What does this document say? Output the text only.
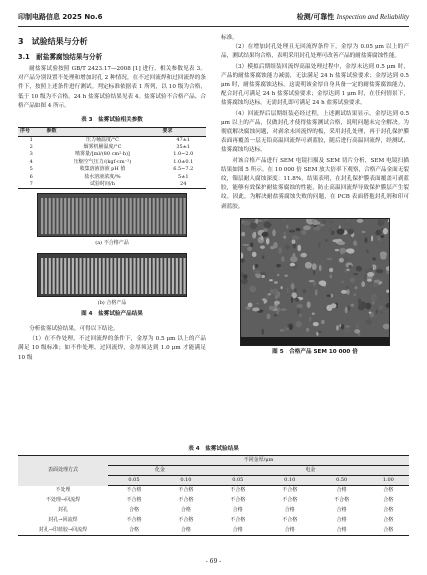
印制电路信息 2025 No.6	检测/可靠性 Inspection and Reliability
3　试验结果与分析
3.1　耐盐雾腐蚀结果与分析

耐盐雾试验按照 GB/T 2423.17—2008 [1] 进行，相关参数见表 3。对产品分别设置不处理和增加封孔 2 种情况，在不过回流焊和过回流焊的条件下，按照上述条件进行测试。判定标准依据表 1 所列，以 10 级为合格，低于 10 级为不合格。24 h 盐雾试验结果见表 4。盐雾试验不合格产品、合格产品如图 4 所示。

表 3　盐雾试验相关参数
序号	参数	要求
1	压力桶温度/°C	47±1
2	烟雾机桶温度/°C	35±1
3	喷雾量/[ml/(80 cm²·h)]	1.0~2.0
4	压缩空气压力/(kgf·cm⁻²)	1.0±0.1
5	收集溶液溶液 pH 值	6.5~7.2
6	盐水溶液浓度/%	5±1
7	试验时间/h	24
(a) 不合格产品
(b) 合格产品
图 4　盐雾试验产品结果

分析盐雾试验结果，可得以下结论。

（1）在不作处理、不过回流焊的条件下，金厚为 0.5 μm 以上的产品满足 10 级标准；如不作处理、过回流焊，金厚须达到 1.0 μm 才能满足 10 级

标准。

（2）在增加封孔处理且无回流焊条件下，金厚为 0.05 μm 以上的产品，测试结果均合格，表明采用封孔处理可改善产品的耐盐雾腐蚀性能。

（3）模拟后期组装回流焊高温处理过程中，金厚未达到 0.5 μm 时，产品的耐盐雾腐蚀能力减弱，无法满足 24 h 盐雾试验要求；金厚达到 0.5 μm 时，耐盐雾腐蚀达标。这说明该金厚自身具备一定的耐盐雾腐蚀能力，配合封孔可满足 24 h 盐雾试验要求；金厚达到 1 μm 时，在任何情景下，盐雾腐蚀均达标，无需封孔即可满足 24 h 盐雾试验要求。

（4）回流焊后层期组装必经过程，上述测试结果显示，金厚达到 0.5 μm 以上的产品，仅做封孔才使得盐雾测试合格，说明问题未完全解决。为彻底解决腐蚀问题，对剥余未回流焊的板，采用封孔处理，再于封孔保护膜表面再覆盖一层无铅高温回流焊可剥蓝胶，随后进行高温回流焊，经测试，盐雾腐蚀均达标。

对该合格产品进行 SEM 电镜扫描及 SEM 切片分析，SEM 电镜扫描结果如图 5 所示。在 10 000 倍 SEM 放大倍率下观察，合格产品金面无裂纹，镍层耐人腐蚀深度：11.8%，结果表明，在封孔保护膜表面覆盖可剥蓝胶，能够有效保护耐盐雾腐蚀的性能，防止高温回流焊导致保护膜层产生裂纹。因此，为解决耐盐雾腐蚀失败的问题，在 PCB 表面搭抱封孔剂和印可剥蓝胶。

图 5　合格产品 SEM 10 000 倍
表 4　盐雾试验结果
表面处理方式	不同金厚/μm					
	化金		电金			
	0.05	0.10	0.05	0.10	0.50	1.00
不处理	不合格	不合格	不合格	不合格	合格	合格
不处理→回流焊	不合格	不合格	不合格	不合格	不合格	合格
封孔	合格	合格	合格	合格	合格	合格
封孔→回流焊	不合格	不合格	不合格	不合格	合格	合格
封孔→印蓝胶→回流焊	合格	合格	合格	合格	合格	合格
- 69 -
